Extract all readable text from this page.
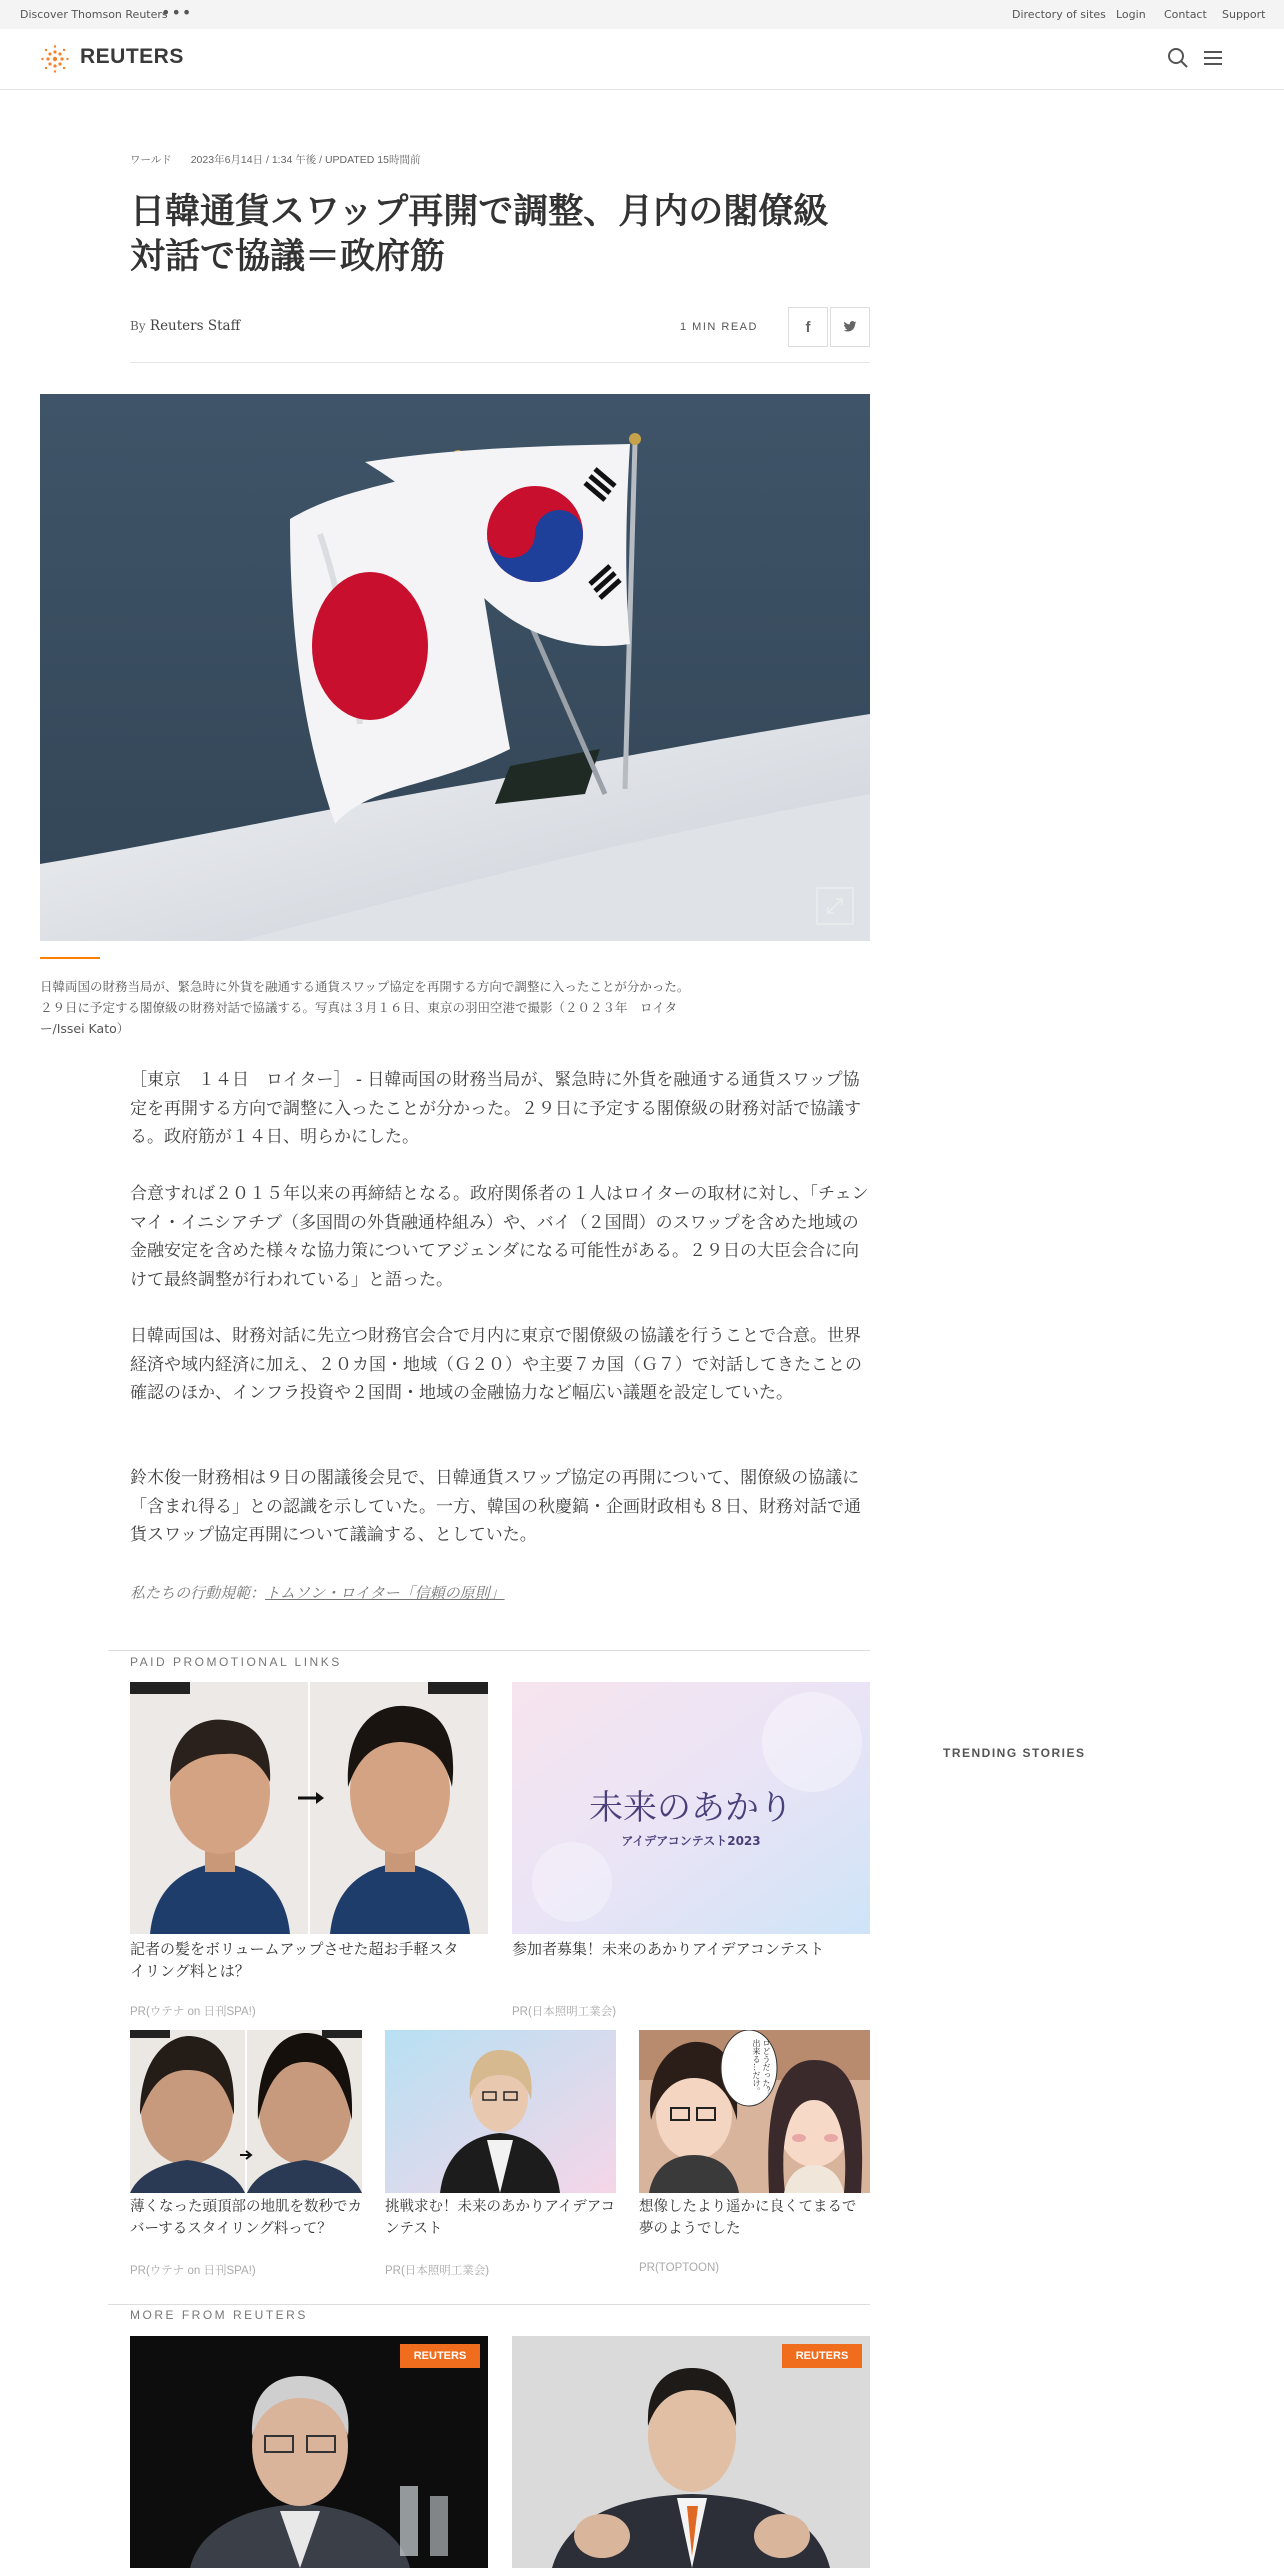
Discover Thomson Reuters
•••	Directory of sites Login Contact Support
REUTERS
ワールド 2023年6月14日 / 1:34 午後 / UPDATED 15時間前
日韓通貨スワップ再開で調整、月内の閣僚級対話で協議＝政府筋
By Reuters Staff	1 MIN READ	f
日韓両国の財務当局が、緊急時に外貨を融通する通貨スワップ協定を再開する方向で調整に入ったことが分かった。２９日に予定する閣僚級の財務対話で協議する。写真は３月１６日、東京の羽田空港で撮影（２０２３年　ロイター/Issei Kato）

［東京　１４日　ロイター］ - 日韓両国の財務当局が、緊急時に外貨を融通する通貨スワップ協定を再開する方向で調整に入ったことが分かった。２９日に予定する閣僚級の財務対話で協議する。政府筋が１４日、明らかにした。

合意すれば２０１５年以来の再締結となる。政府関係者の１人はロイターの取材に対し、「チェンマイ・イニシアチブ（多国間の外貨融通枠組み）や、バイ（２国間）のスワップを含めた地域の金融安定を含めた様々な協力策についてアジェンダになる可能性がある。２９日の大臣会合に向けて最終調整が行われている」と語った。

日韓両国は、財務対話に先立つ財務官会合で月内に東京で閣僚級の協議を行うことで合意。世界経済や域内経済に加え、２０カ国・地域（Ｇ２０）や主要７カ国（Ｇ７）で対話してきたことの確認のほか、インフラ投資や２国間・地域の金融協力など幅広い議題を設定していた。

鈴木俊一財務相は９日の閣議後会見で、日韓通貨スワップ協定の再開について、閣僚級の協議に「含まれ得る」との認識を示していた。一方、韓国の秋慶鎬・企画財政相も８日、財務対話で通貨スワップ協定再開について議論する、としていた。

私たちの行動規範：トムソン・ロイター「信頼の原則」
PAID PROMOTIONAL LINKS
記者の髪をボリュームアップさせた超お手軽スタイリング料とは？
PR(ウテナ on 日刊SPA!)
未来のあかり
アイデアコンテスト2023
参加者募集！未来のあかりアイデアコンテスト
PR(日本照明工業会)
薄くなった頭頂部の地肌を数秒でカバーするスタイリング料って？
PR(ウテナ on 日刊SPA!)
挑戦求む！未来のあかりアイデアコンテスト
PR(日本照明工業会)
ロどうだった？ 出来る…だけ。
想像したより遥かに良くてまるで夢のようでした
PR(TOPTOON)
MORE FROM REUTERS
REUTERS	REUTERS
TRENDING STORIES
